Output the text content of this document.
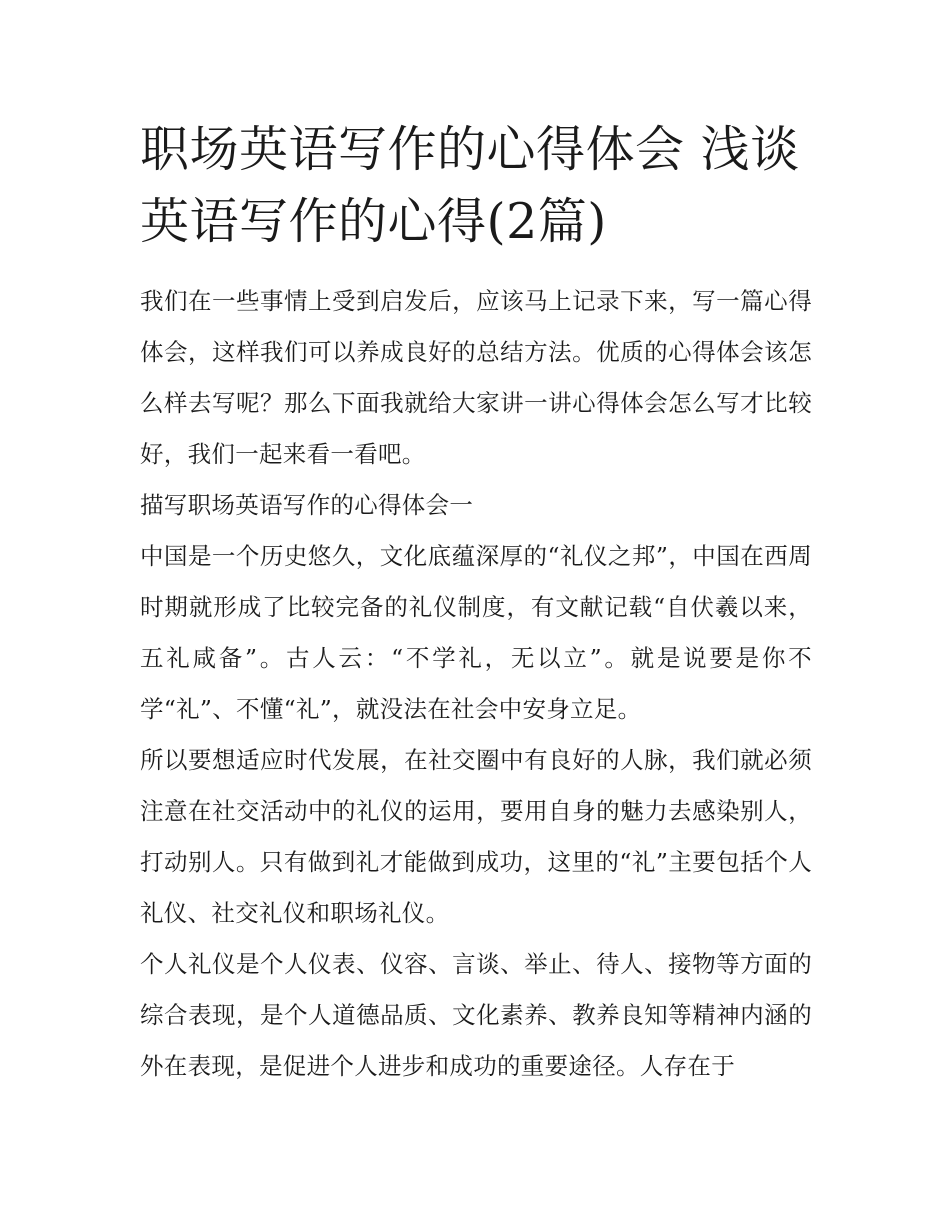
职场英语写作的心得体会 浅谈英语写作的心得(2篇)

我们在一些事情上受到启发后，应该马上记录下来，写一篇心得体会，这样我们可以养成良好的总结方法。优质的心得体会该怎么样去写呢？那么下面我就给大家讲一讲心得体会怎么写才比较好，我们一起来看一看吧。

描写职场英语写作的心得体会一

中国是一个历史悠久，文化底蕴深厚的“礼仪之邦”，中国在西周时期就形成了比较完备的礼仪制度，有文献记载“自伏羲以来，五礼咸备”。古人云：“不学礼，无以立”。就是说要是你不学“礼”、不懂“礼”，就没法在社会中安身立足。

所以要想适应时代发展，在社交圈中有良好的人脉，我们就必须注意在社交活动中的礼仪的运用，要用自身的魅力去感染别人，打动别人。只有做到礼才能做到成功，这里的“礼”主要包括个人礼仪、社交礼仪和职场礼仪。

个人礼仪是个人仪表、仪容、言谈、举止、待人、接物等方面的综合表现，是个人道德品质、文化素养、教养良知等精神内涵的外在表现，是促进个人进步和成功的重要途径。人存在于
